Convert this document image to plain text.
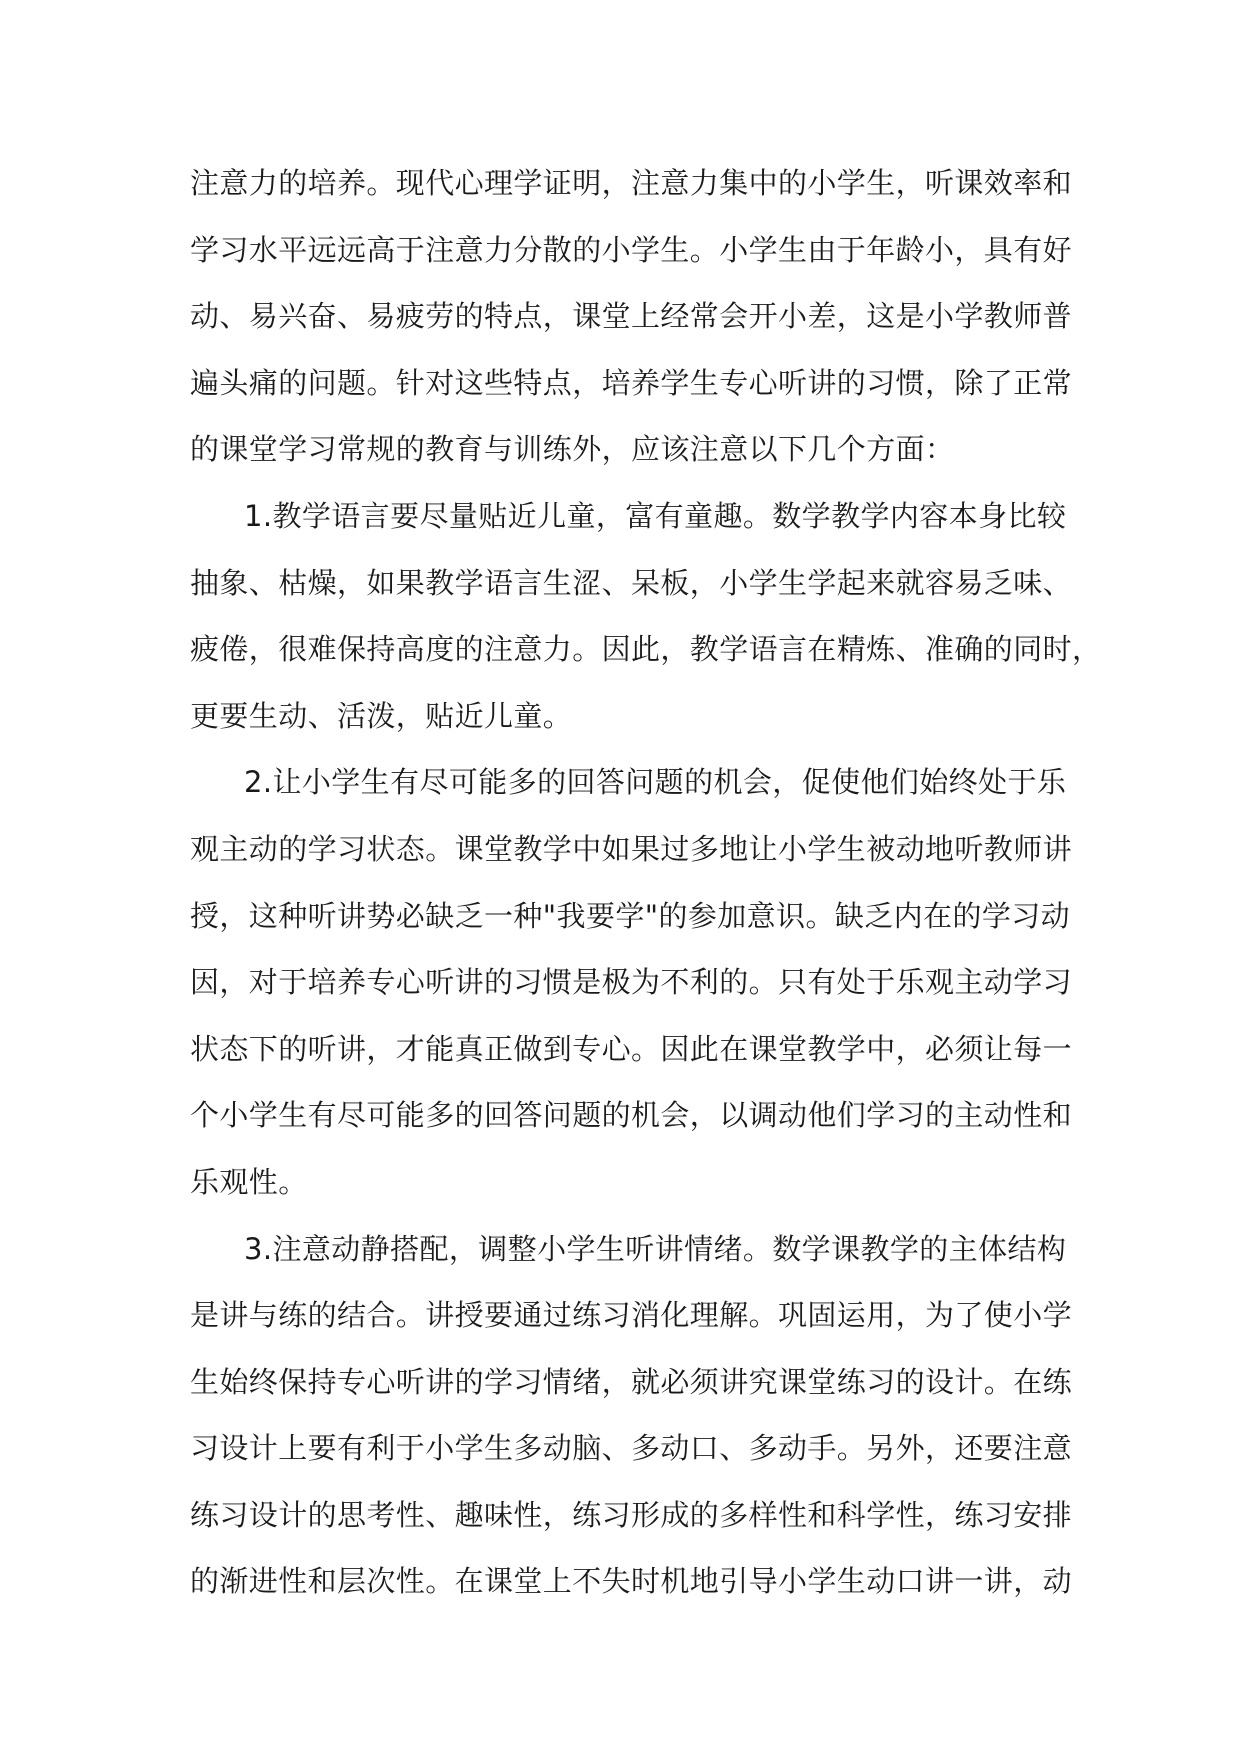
注意力的培养。现代心理学证明，注意力集中的小学生，听课效率和
学习水平远远高于注意力分散的小学生。小学生由于年龄小，具有好
动、易兴奋、易疲劳的特点，课堂上经常会开小差，这是小学教师普
遍头痛的问题。针对这些特点，培养学生专心听讲的习惯，除了正常
的课堂学习常规的教育与训练外，应该注意以下几个方面：
1.教学语言要尽量贴近儿童，富有童趣。数学教学内容本身比较
抽象、枯燥，如果教学语言生涩、呆板，小学生学起来就容易乏味、
疲倦，很难保持高度的注意力。因此，教学语言在精炼、准确的同时，
更要生动、活泼，贴近儿童。
2.让小学生有尽可能多的回答问题的机会，促使他们始终处于乐
观主动的学习状态。课堂教学中如果过多地让小学生被动地听教师讲
授，这种听讲势必缺乏一种"我要学"的参加意识。缺乏内在的学习动
因，对于培养专心听讲的习惯是极为不利的。只有处于乐观主动学习
状态下的听讲，才能真正做到专心。因此在课堂教学中，必须让每一
个小学生有尽可能多的回答问题的机会，以调动他们学习的主动性和
乐观性。
3.注意动静搭配，调整小学生听讲情绪。数学课教学的主体结构
是讲与练的结合。讲授要通过练习消化理解。巩固运用，为了使小学
生始终保持专心听讲的学习情绪，就必须讲究课堂练习的设计。在练
习设计上要有利于小学生多动脑、多动口、多动手。另外，还要注意
练习设计的思考性、趣味性，练习形成的多样性和科学性，练习安排
的渐进性和层次性。在课堂上不失时机地引导小学生动口讲一讲，动
